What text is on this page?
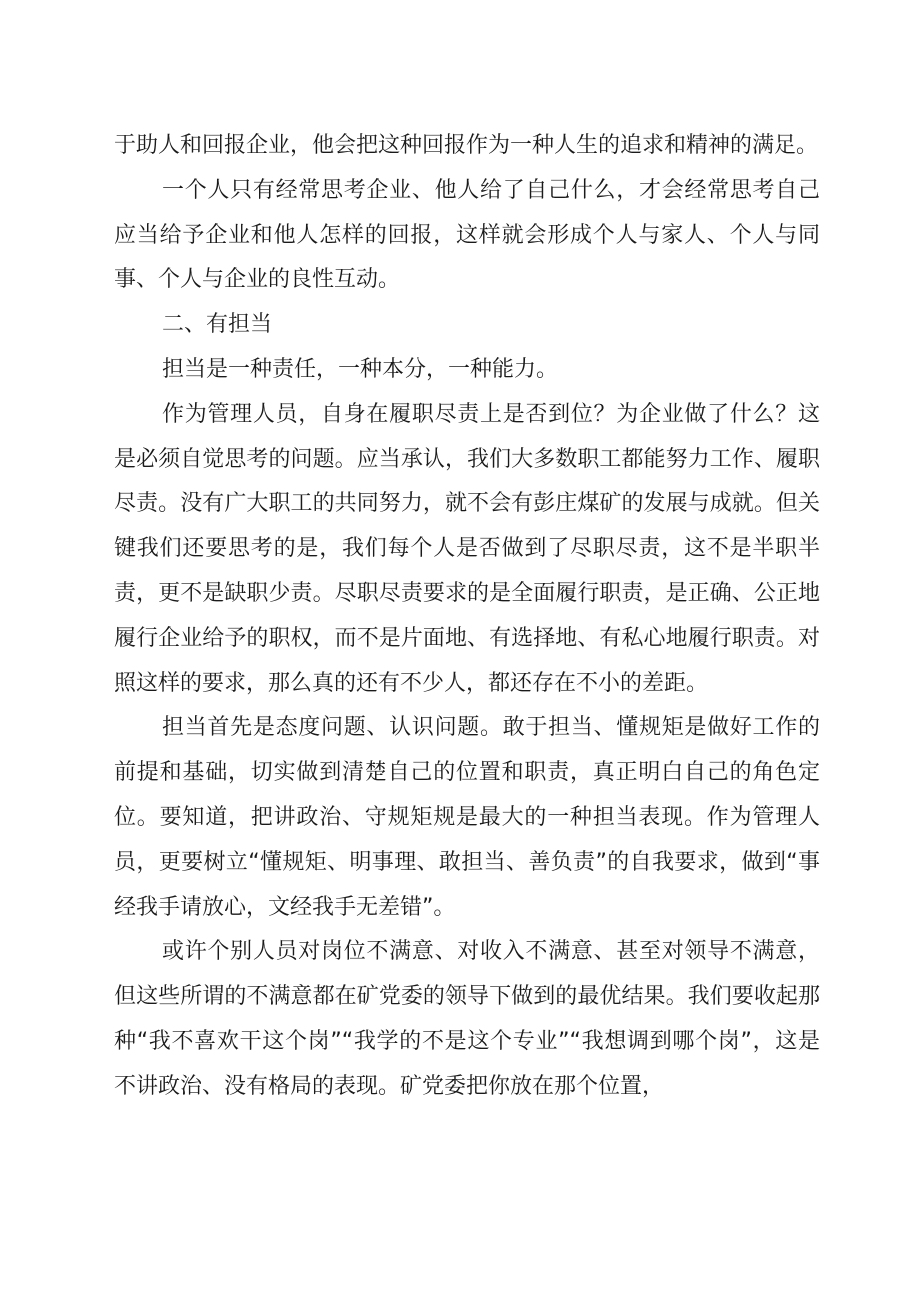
于助人和回报企业，他会把这种回报作为一种人生的追求和精神的满足。

一个人只有经常思考企业、他人给了自己什么，才会经常思考自己应当给予企业和他人怎样的回报，这样就会形成个人与家人、个人与同事、个人与企业的良性互动。

二、有担当

担当是一种责任，一种本分，一种能力。

作为管理人员，自身在履职尽责上是否到位？为企业做了什么？这是必须自觉思考的问题。应当承认，我们大多数职工都能努力工作、履职尽责。没有广大职工的共同努力，就不会有彭庄煤矿的发展与成就。但关键我们还要思考的是，我们每个人是否做到了尽职尽责，这不是半职半责，更不是缺职少责。尽职尽责要求的是全面履行职责，是正确、公正地履行企业给予的职权，而不是片面地、有选择地、有私心地履行职责。对照这样的要求，那么真的还有不少人，都还存在不小的差距。

担当首先是态度问题、认识问题。敢于担当、懂规矩是做好工作的前提和基础，切实做到清楚自己的位置和职责，真正明白自己的角色定位。要知道，把讲政治、守规矩规是最大的一种担当表现。作为管理人员，更要树立“懂规矩、明事理、敢担当、善负责”的自我要求，做到“事经我手请放心，文经我手无差错”。

或许个别人员对岗位不满意、对收入不满意、甚至对领导不满意，但这些所谓的不满意都在矿党委的领导下做到的最优结果。我们要收起那种“我不喜欢干这个岗”“我学的不是这个专业”“我想调到哪个岗”，这是不讲政治、没有格局的表现。矿党委把你放在那个位置，
